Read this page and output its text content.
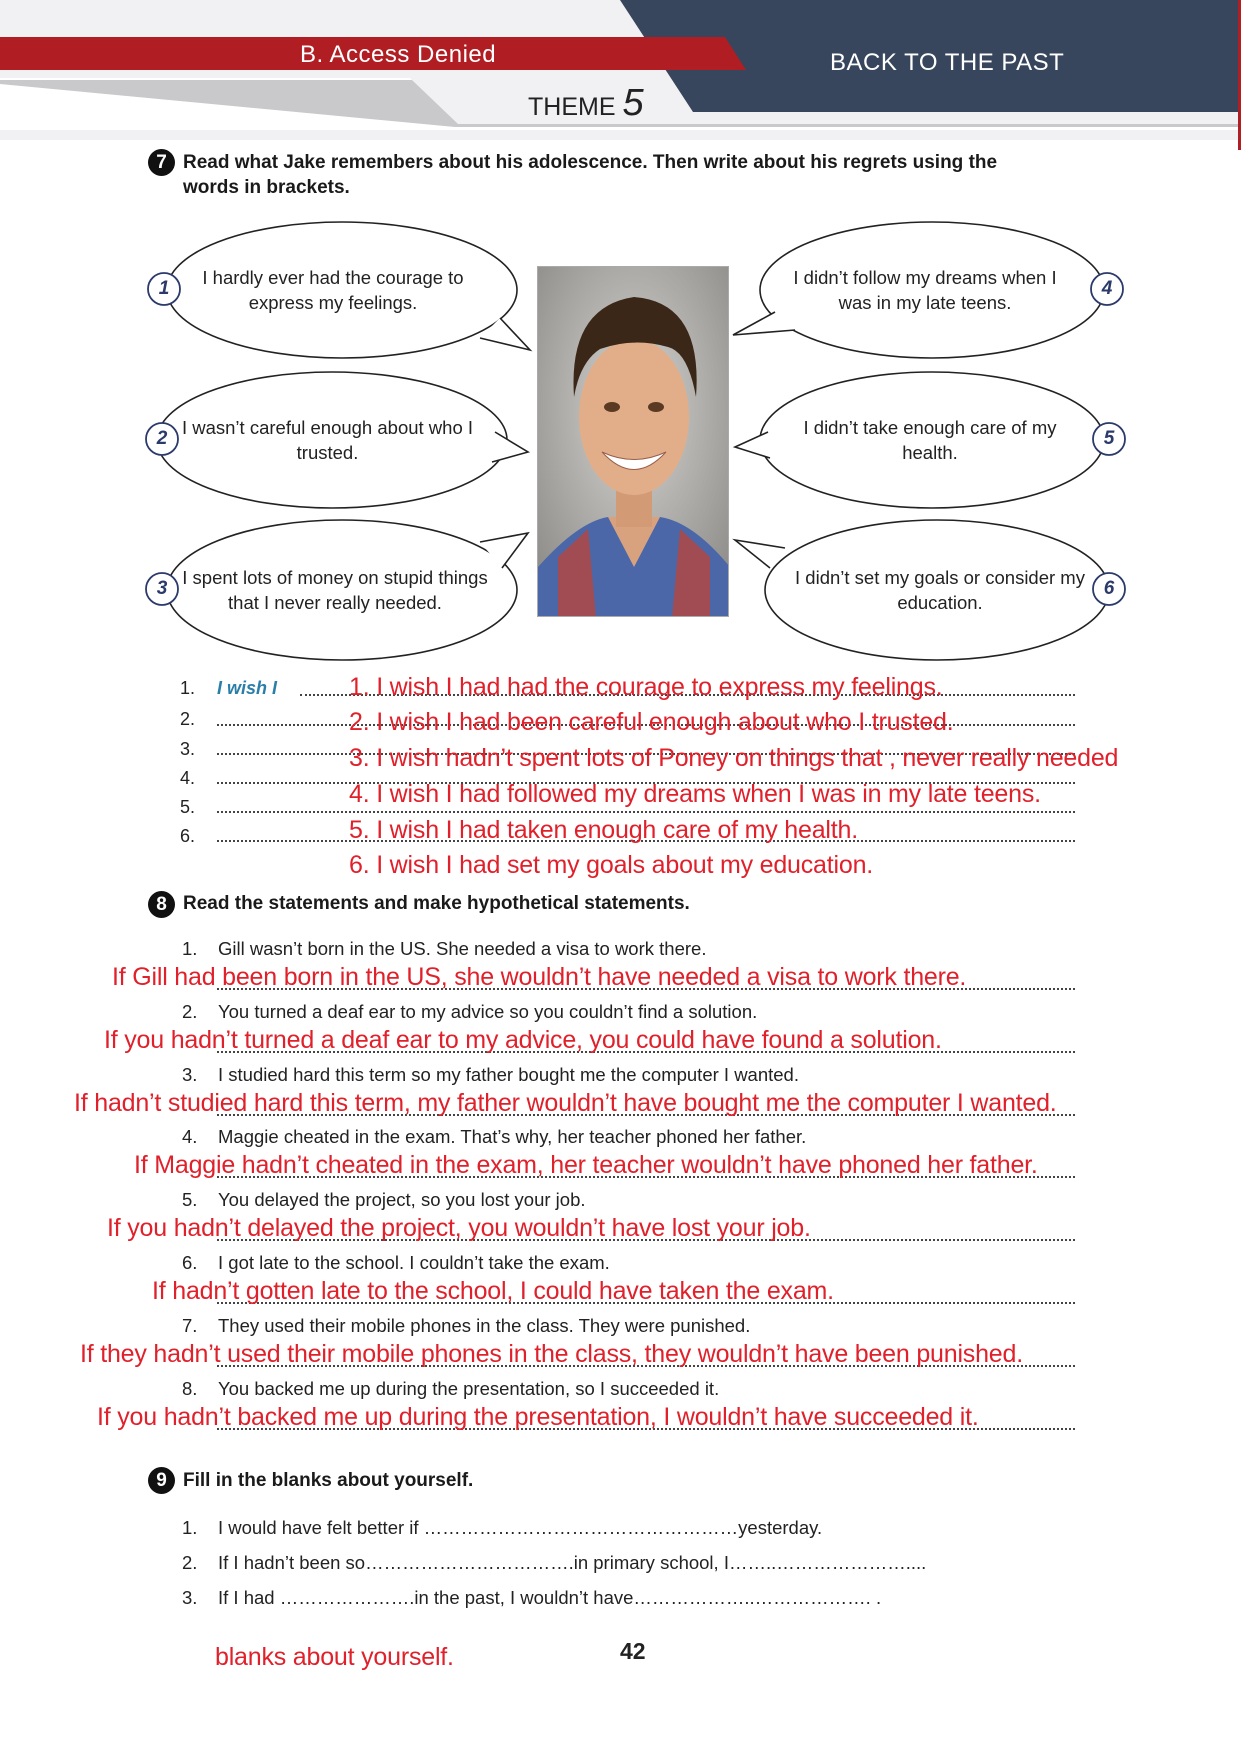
B. Access Denied	BACK TO THE PAST
THEME 5
7 Read what Jake remembers about his adolescence. Then write about his regrets using the
words in brackets.
1
2
3
4
5
6
I hardly ever had the courage to express my feelings.
I wasn’t careful enough about who I trusted.
I spent lots of money on stupid things that I never really needed.
I didn’t follow my dreams when I was in my late teens.
I didn’t take enough care of my health.
I didn’t set my goals or consider my education.
1. I wish I
2.
3.
4.
5.
6.
1. I wish I had had the courage to express my feelings.
2. I wish I had been careful enough about who I trusted.
3. I wish hadn’t spent lots of Poney on things that , never really needed
4. I wish I had followed my dreams when I was in my late teens.
5. I wish I had taken enough care of my health.
6. I wish I had set my goals about my education.
8 Read the statements and make hypothetical statements.
1. Gill wasn’t born in the US. She needed a visa to work there.
If Gill had been born in the US, she wouldn’t have needed a visa to work there.
2. You turned a deaf ear to my advice so you couldn’t find a solution.
If you hadn’t turned a deaf ear to my advice, you could have found a solution.
3. I studied hard this term so my father bought me the computer I wanted.
If hadn’t studied hard this term, my father wouldn’t have bought me the computer I wanted.
4. Maggie cheated in the exam. That’s why, her teacher phoned her father.
If Maggie hadn’t cheated in the exam, her teacher wouldn’t have phoned her father.
5. You delayed the project, so you lost your job.
If you hadn’t delayed the project, you wouldn’t have lost your job.
6. I got late to the school. I couldn’t take the exam.
If hadn’t gotten late to the school, I could have taken the exam.
7. They used their mobile phones in the class. They were punished.
If they hadn’t used their mobile phones in the class, they wouldn’t have been punished.
8. You backed me up during the presentation, so I succeeded it.
If you hadn’t backed me up during the presentation, I wouldn’t have succeeded it.
9 Fill in the blanks about yourself.
1. I would have felt better if ……………………………………………yesterday.
2. If I hadn’t been so…………………………….in primary school, I……..…………………....
3. If I had ………………….in the past, I wouldn’t have………………..………………. .
blanks about yourself.	42
